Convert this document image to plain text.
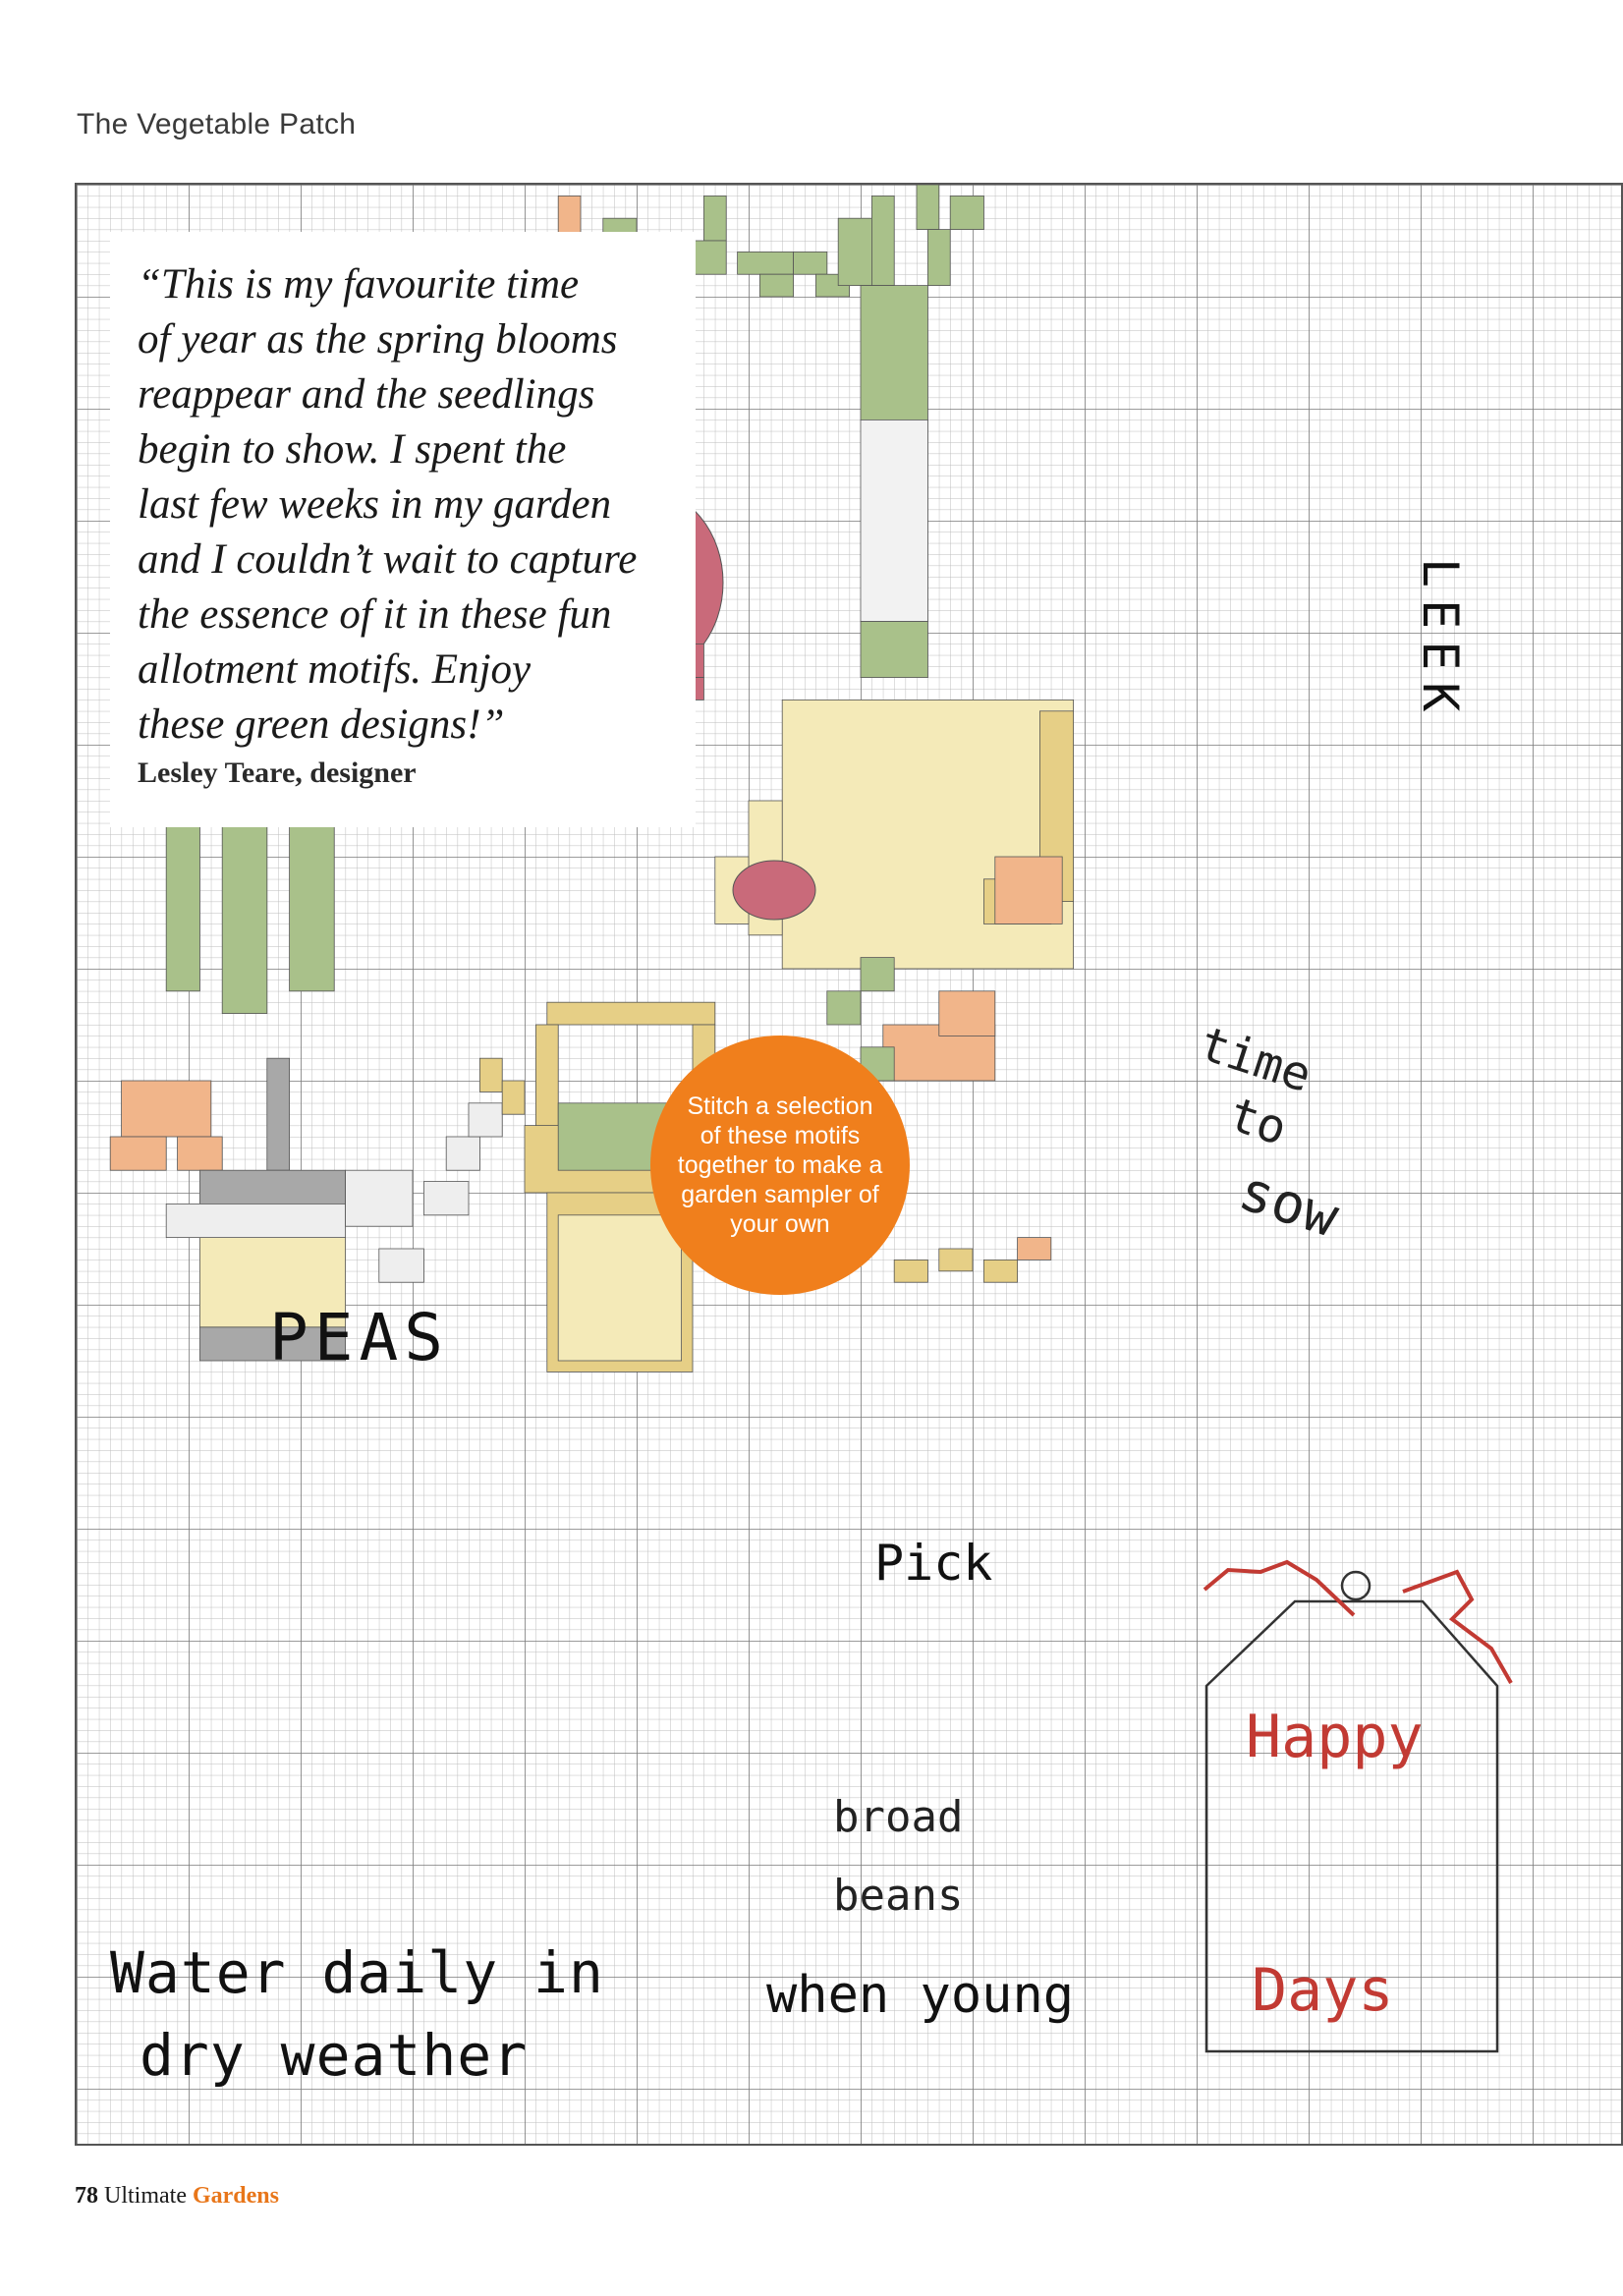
The Vegetable Patch
time
to
sow
Water daily in
dry weather
Pick
broad
beans
when young
Happy
Days
LEEK
PEAS

“This is my favourite time
of year as the spring blooms
reappear and the seedlings
begin to show. I spent the
last few weeks in my garden
and I couldn’t wait to capture
the essence of it in these fun
allotment motifs. Enjoy
these green designs!”

Lesley Teare, designer
Stitch a selection
of these motifs
together to make a
garden sampler of
your own
78 Ultimate Gardens
